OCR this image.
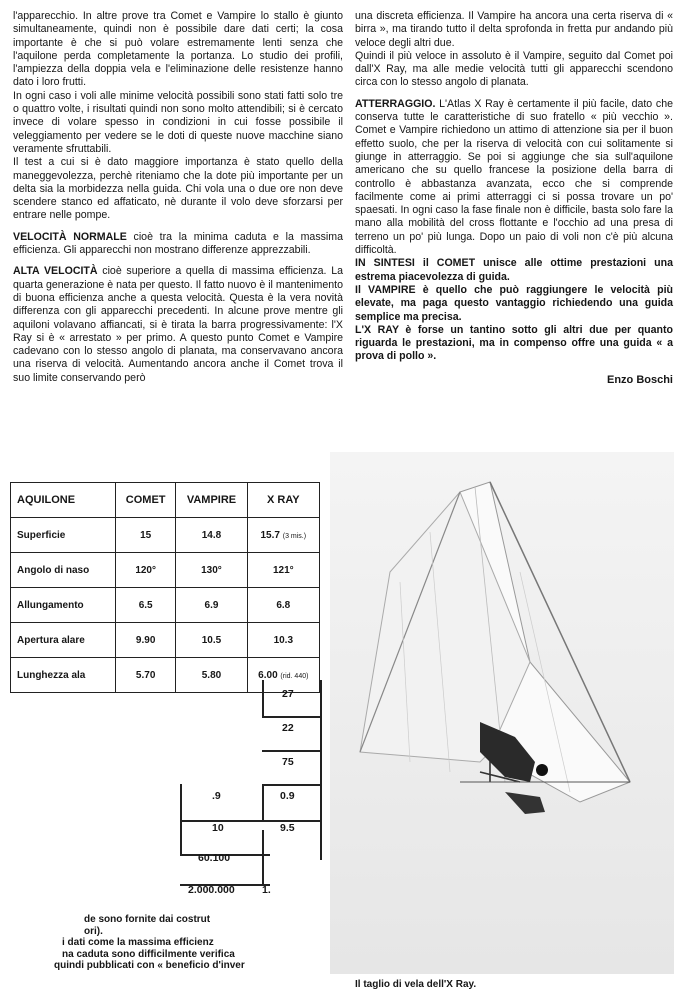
l'apparecchio. In altre prove tra Comet e Vampire lo stallo è giunto simultaneamente, quindi non è possibile dare dati certi; la cosa importante è che si può volare estremamente lenti senza che l'aquilone perda completamente la portanza. Lo studio dei profili, l'ampiezza della doppia vela e l'eliminazione delle resistenze hanno dato i loro frutti.

In ogni caso i voli alle minime velocità possibili sono stati fatti solo tre o quattro volte, i risultati quindi non sono molto attendibili; si è cercato invece di volare spesso in condizioni in cui fosse possibile il veleggiamento per vedere se le doti di queste nuove macchine siano veramente sfruttabili.

Il test a cui si è dato maggiore importanza è stato quello della maneggevolezza, perchè riteniamo che la dote più importante per un delta sia la morbidezza nella guida. Chi vola una o due ore non deve scendere stanco ed affaticato, nè durante il volo deve sforzarsi per entrare nelle pompe.

VELOCITÀ NORMALE cioè tra la minima caduta e la massima efficienza. Gli apparecchi non mostrano differenze apprezzabili.

ALTA VELOCITÀ cioè superiore a quella di massima efficienza. La quarta generazione è nata per questo. Il fatto nuovo è il mantenimento di buona efficienza anche a questa velocità. Questa è la vera novità differenza con gli apparecchi precedenti. In alcune prove mentre gli aquiloni volavano affiancati, si è tirata la barra progressivamente: l'X Ray si è « arrestato » per primo. A questo punto Comet e Vampire cadevano con lo stesso angolo di planata, ma conservavano ancora una riserva di velocità. Aumentando ancora anche il Comet trova il suo limite conservando però

una discreta efficienza. Il Vampire ha ancora una certa riserva di « birra », ma tirando tutto il delta sprofonda in fretta pur andando più veloce degli altri due.

Quindi il più veloce in assoluto è il Vampire, seguito dal Comet poi dall'X Ray, ma alle medie velocità tutti gli apparecchi scendono circa con lo stesso angolo di planata.

ATTERRAGGIO. L'Atlas X Ray è certamente il più facile, dato che conserva tutte le caratteristiche di suo fratello « più vecchio ». Comet e Vampire richiedono un attimo di attenzione sia per il buon effetto suolo, che per la riserva di velocità con cui solitamente si giunge in atterraggio. Se poi si aggiunge che sia sull'aquilone americano che su quello francese la posizione della barra di controllo è abbastanza avanzata, ecco che si comprende facilmente come ai primi atterraggi ci si possa trovare un po' spaesati. In ogni caso la fase finale non è difficile, basta solo fare la mano alla mobilità del cross flottante e l'occhio ad una presa di terreno un po' più lunga. Dopo un paio di voli non c'è più alcuna difficoltà.

IN SINTESI il COMET unisce alle ottime prestazioni una estrema piacevolezza di guida.

Il VAMPIRE è quello che può raggiungere le velocità più elevate, ma paga questo vantaggio richiedendo una guida semplice ma precisa.

L'X RAY è forse un tantino sotto gli altri due per quanto riguarda le prestazioni, ma in compenso offre una guida « a prova di pollo ».

Enzo Boschi
AQUILONE	COMET	VAMPIRE	X RAY
Superficie	15	14.8	15.7 (3 mis.)
Angolo di naso	120°	130°	121°
Allungamento	6.5	6.9	6.8
Apertura alare	9.90	10.5	10.3
Lunghezza ala	5.70	5.80	6.00 (rid. 440)
27
22
75
.9	0.9
10	9.5
60.100
2.000.000	1.
de sono fornite dai costrut
ori).
i dati come la massima efficienz
na caduta sono difficilmente verifica
quindi pubblicati con « beneficio d'inver
Il taglio di vela dell'X Ray.
